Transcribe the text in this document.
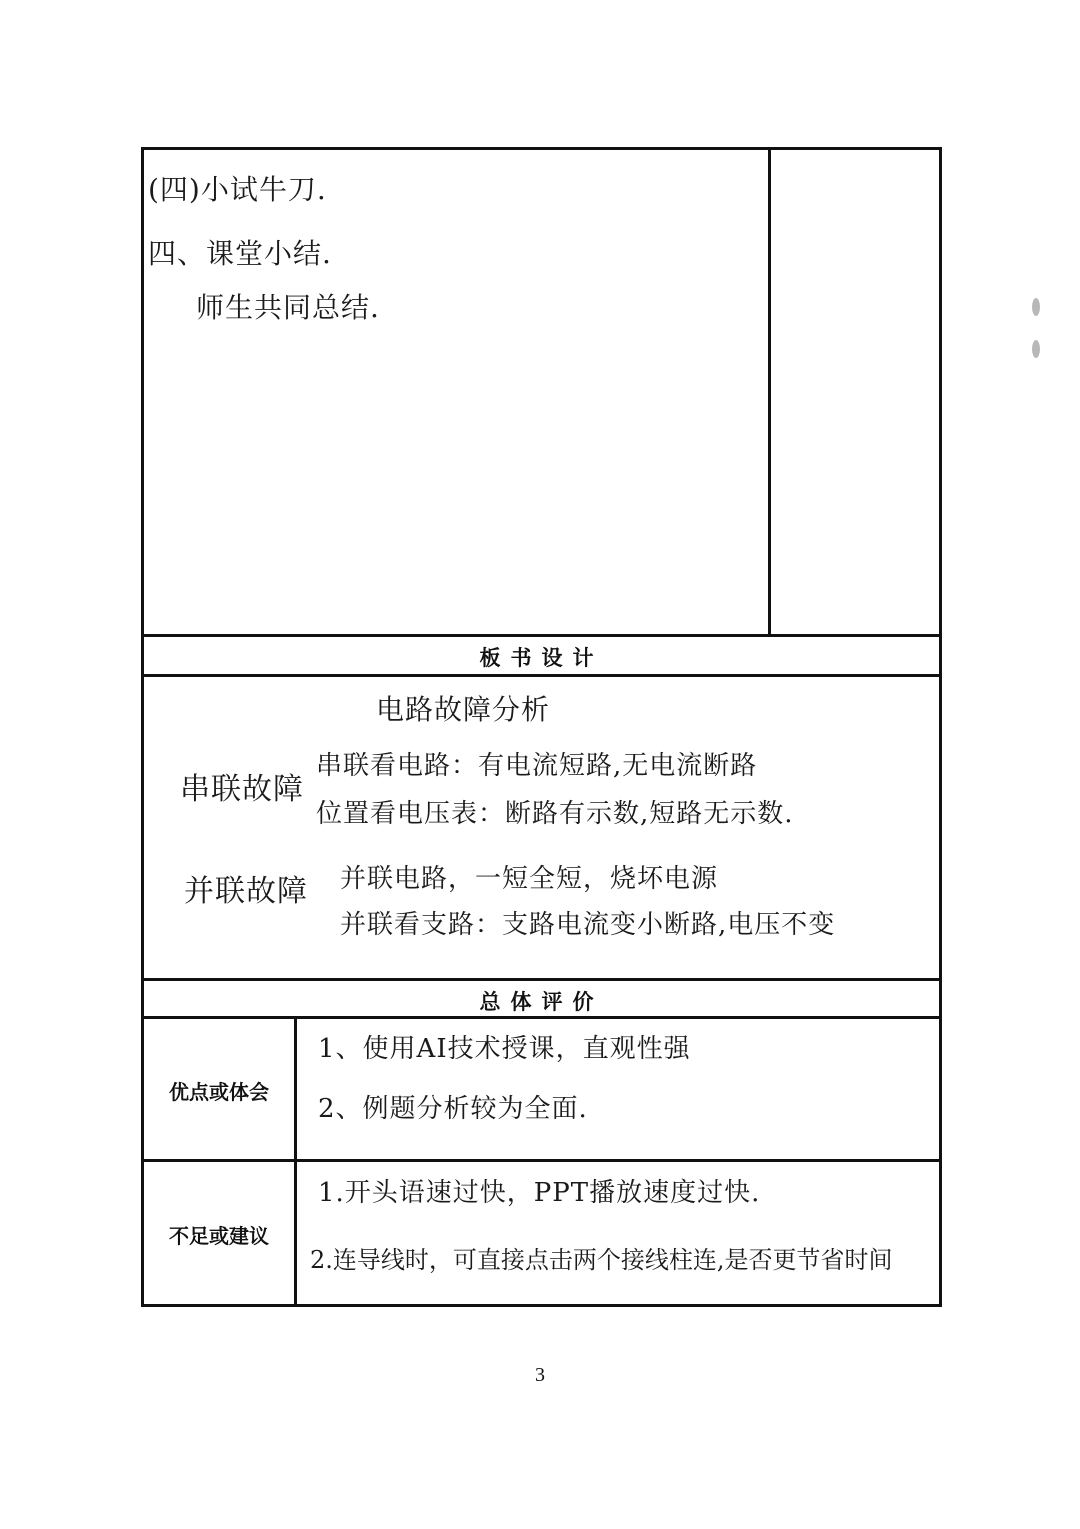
(四)小试牛刀.
四、课堂小结.
师生共同总结.
板书设计
电路故障分析
串联故障
串联看电路：有电流短路,无电流断路
位置看电压表：断路有示数,短路无示数.
并联故障 并联电路，一短全短，烧坏电源
并联看支路：支路电流变小断路,电压不变
总体评价
优点或体会
1、使用AI技术授课，直观性强
2、例题分析较为全面.
不足或建议
1.开头语速过快，PPT播放速度过快.
2.连导线时，可直接点击两个接线柱连,是否更节省时间
3
